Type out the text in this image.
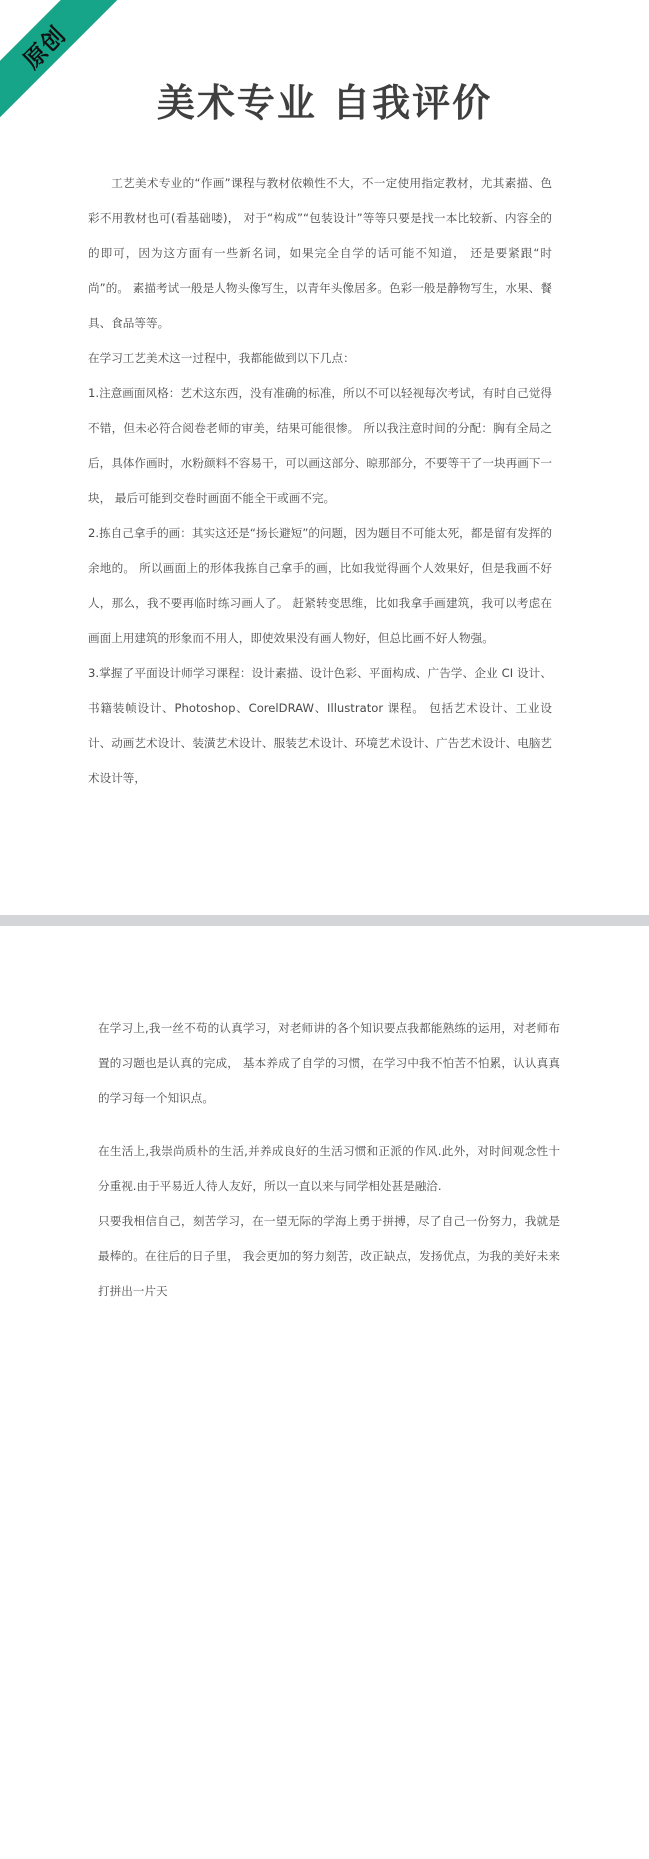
原创
美术专业 自我评价

工艺美术专业的“作画”课程与教材依赖性不大，不一定使用指定教材，尤其素描、色彩不用教材也可(看基础喽)， 对于“构成”“包装设计”等等只要是找一本比较新、内容全的的即可，因为这方面有一些新名词，如果完全自学的话可能不知道， 还是要紧跟“时尚”的。 素描考试一般是人物头像写生，以青年头像居多。色彩一般是静物写生，水果、餐具、食品等等。

在学习工艺美术这一过程中，我都能做到以下几点：

1.注意画面风格：艺术这东西，没有准确的标准，所以不可以轻视每次考试，有时自己觉得不错，但未必符合阅卷老师的审美，结果可能很惨。 所以我注意时间的分配：胸有全局之后，具体作画时，水粉颜料不容易干，可以画这部分、晾那部分，不要等干了一块再画下一块， 最后可能到交卷时画面不能全干或画不完。

2.拣自己拿手的画：其实这还是“扬长避短”的问题，因为题目不可能太死，都是留有发挥的余地的。 所以画面上的形体我拣自己拿手的画，比如我觉得画个人效果好，但是我画不好人，那么，我不要再临时练习画人了。 赶紧转变思维，比如我拿手画建筑，我可以考虑在画面上用建筑的形象而不用人，即使效果没有画人物好，但总比画不好人物强。

3.掌握了平面设计师学习课程：设计素描、设计色彩、平面构成、广告学、企业 CI 设计、书籍装帧设计、Photoshop、CorelDRAW、Illustrator 课程。 包括艺术设计、工业设计、动画艺术设计、装潢艺术设计、服装艺术设计、环境艺术设计、广告艺术设计、电脑艺术设计等，

在学习上,我一丝不苟的认真学习，对老师讲的各个知识要点我都能熟练的运用，对老师布置的习题也是认真的完成， 基本养成了自学的习惯，在学习中我不怕苦不怕累，认认真真的学习每一个知识点。

在生活上,我崇尚质朴的生活,并养成良好的生活习惯和正派的作风.此外，对时间观念性十分重视.由于平易近人待人友好，所以一直以来与同学相处甚是融洽.

只要我相信自己，刻苦学习，在一望无际的学海上勇于拼搏，尽了自己一份努力，我就是最棒的。在往后的日子里， 我会更加的努力刻苦，改正缺点，发扬优点，为我的美好未来打拼出一片天
